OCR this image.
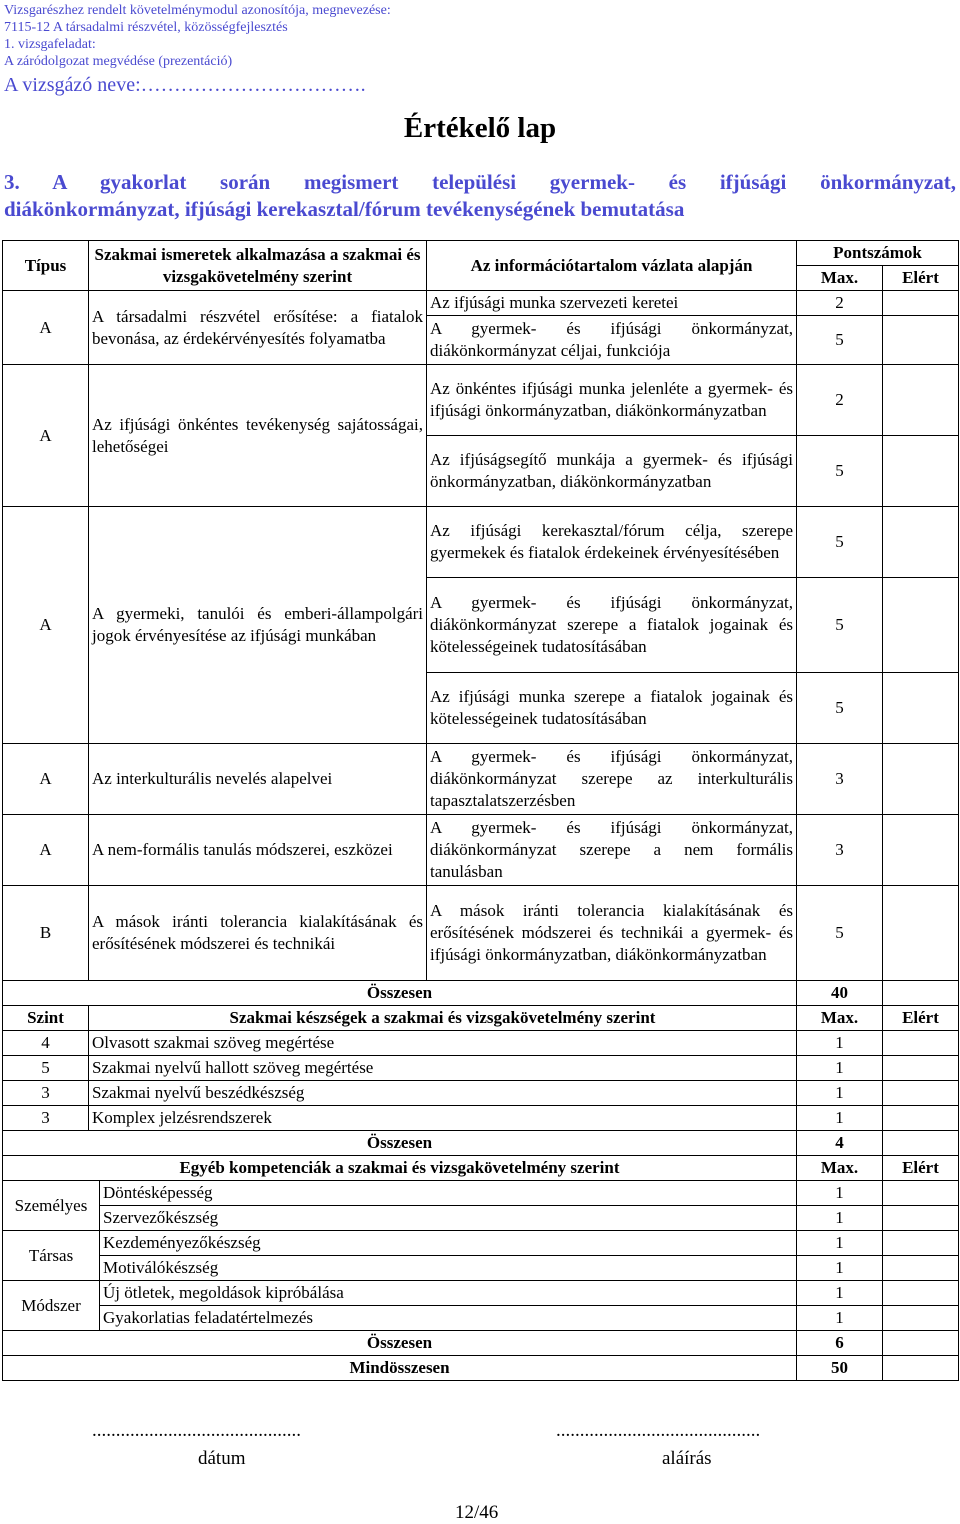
Vizsgarészhez rendelt követelménymodul azonosítója, megnevezése:
7115-12 A társadalmi részvétel, közösségfejlesztés
1. vizsgafeladat:
A záródolgozat megvédése (prezentáció)
A vizsgázó neve:…………………………….
Értékelő lap
3. A gyakorlat során megismert települési gyermek- és ifjúsági önkormányzat,
diákönkormányzat, ifjúsági kerekasztal/fórum tevékenységének bemutatása
Típus	Szakmai ismeretek alkalmazása a szakmai és vizsgakövetelmény szerint		Az információtartalom vázlata alapján	Pontszámok	
				Max.	Elért
A	A társadalmi részvétel erősítése: a fiatalok bevonása, az érdekérvényesítés folyamatba		Az ifjúsági munka szervezeti keretei	2	
			A gyermek- és ifjúsági önkormányzat, diákönkormányzat céljai, funkciója	5	
A	Az ifjúsági önkéntes tevékenység sajátosságai, lehetőségei		Az önkéntes ifjúsági munka jelenléte a gyermek- és ifjúsági önkormányzatban, diákönkormányzatban	2	
			Az ifjúságsegítő munkája a gyermek- és ifjúsági önkormányzatban, diákönkormányzatban	5	
A	A gyermeki, tanulói és emberi-állampolgári jogok érvényesítése az ifjúsági munkában		Az ifjúsági kerekasztal/fórum célja, szerepe gyermekek és fiatalok érdekeinek érvényesítésében	5	
			A gyermek- és ifjúsági önkormányzat, diákönkormányzat szerepe a fiatalok jogainak és kötelességeinek tudatosításában	5	
			Az ifjúsági munka szerepe a fiatalok jogainak és kötelességeinek tudatosításában	5	
A	Az interkulturális nevelés alapelvei		A gyermek- és ifjúsági önkormányzat, diákönkormányzat szerepe az interkulturális tapasztalatszerzésben	3	
A	A nem-formális tanulás módszerei, eszközei		A gyermek- és ifjúsági önkormányzat, diákönkormányzat szerepe a nem formális tanulásban	3	
B	A mások iránti tolerancia kialakításának és erősítésének módszerei és technikái		A mások iránti tolerancia kialakításának és erősítésének módszerei és technikái a gyermek- és ifjúsági önkormányzatban, diákönkormányzatban	5	
Összesen				40	
Szint	Szakmai készségek a szakmai és vizsgakövetelmény szerint			Max.	Elért
4	Olvasott szakmai szöveg megértése			1	
5	Szakmai nyelvű hallott szöveg megértése			1	
3	Szakmai nyelvű beszédkészség			1	
3	Komplex jelzésrendszerek			1	
Összesen				4	
Egyéb kompetenciák a szakmai és vizsgakövetelmény szerint				Max.	Elért
Személyes		Döntésképesség		1	
		Szervezőkészség		1	
Társas		Kezdeményezőkészség		1	
		Motiválókészség		1	
Módszer		Új ötletek, megoldások kipróbálása		1	
		Gyakorlatias feladatértelmezés		1	
Összesen				6	
Mindösszesen				50	
............................................
dátum
...........................................
aláírás
12/46
